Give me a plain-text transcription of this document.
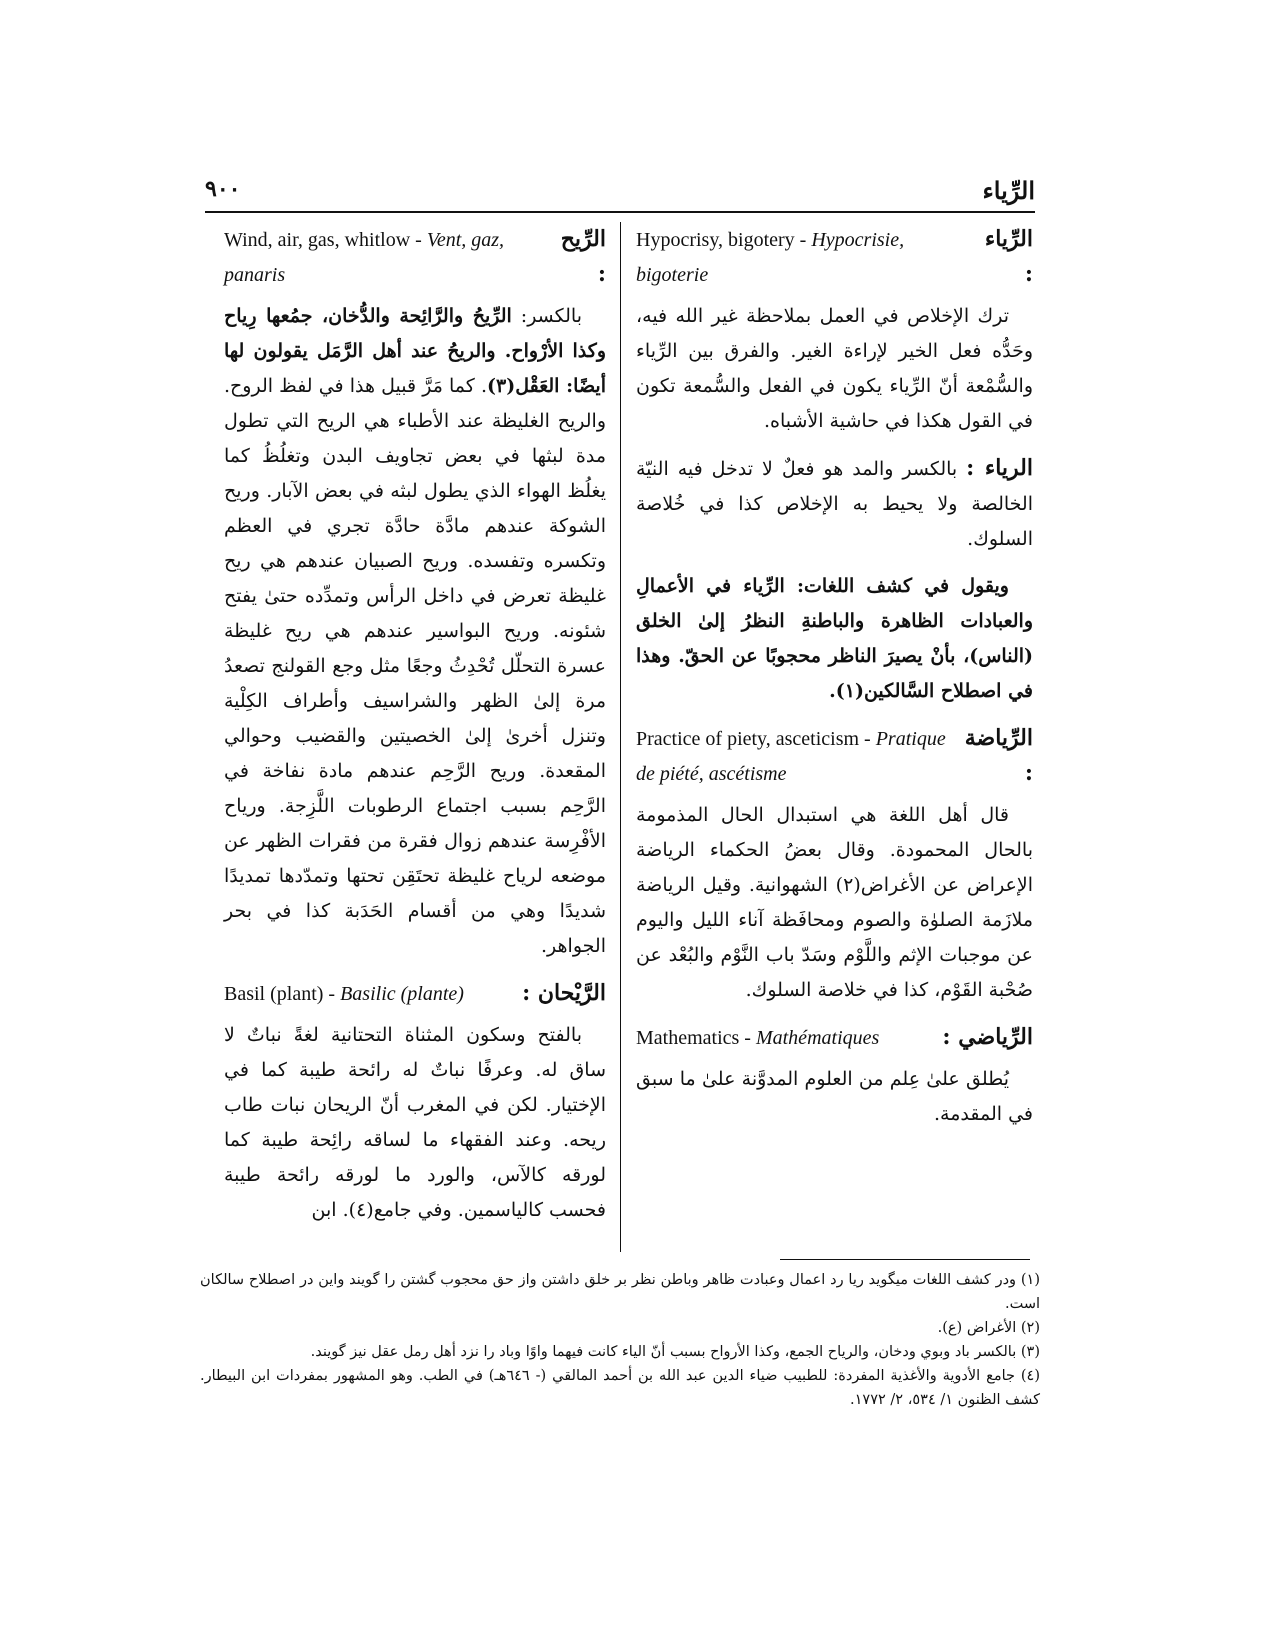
الرِّياء
٩٠٠
الرِّياء :
Hypocrisy, bigotery - Hypocrisie, bigoterie

ترك الإخلاص في العمل بملاحظة غير الله فيه، وحَدُّه فعل الخير لإراءة الغير. والفرق بين الرِّياء والسُّمْعة أنّ الرِّياء يكون في الفعل والسُّمعة تكون في القول هكذا في حاشية الأشباه.

الرياء : بالكسر والمد هو فعلٌ لا تدخل فيه النيّة الخالصة ولا يحيط به الإخلاص كذا في خُلاصة السلوك.

ويقول في كشف اللغات: الرِّياء في الأعمالِ والعبادات الظاهرة والباطنةِ النظرُ إلىٰ الخلق (الناس)، بأنْ يصيرَ الناظر محجوبًا عن الحقّ. وهذا في اصطلاح السَّالكين(١).

الرِّياضة :
Practice of piety, asceticism - Pratique de piété, ascétisme

قال أهل اللغة هي استبدال الحال المذمومة بالحال المحمودة. وقال بعضُ الحكماء الرياضة الإعراض عن الأغراض(٢) الشهوانية. وقيل الرياضة ملازَمة الصلوٰة والصوم ومحافَظة آناء الليل واليوم عن موجبات الإثم واللَّوْم وسَدّ باب النَّوْم والبُعْد عن صُحْبة القَوْم، كذا في خلاصة السلوك.

الرِّياضي :
Mathematics - Mathématiques

يُطلق علىٰ عِلم من العلوم المدوَّنة علىٰ ما سبق في المقدمة.

الرِّيح :
Wind, air, gas, whitlow - Vent, gaz, panaris

بالكسر: الرِّيحُ والرَّائِحة والدُّخان، جمُعها رِياح وكذا الأرْواح. والريحُ عند أهل الرَّمَل يقولون لها أيضًا: العَقْل(٣). كما مَرَّ قبيل هذا في لفظ الروح. والريح الغليظة عند الأطباء هي الريح التي تطول مدة لبثها في بعض تجاويف البدن وتغلُظُ كما يغلُظ الهواء الذي يطول لبثه في بعض الآبار. وريح الشوكة عندهم مادَّة حادَّة تجري في العظم وتكسره وتفسده. وريح الصبيان عندهم هي ريح غليظة تعرض في داخل الرأس وتمدِّده حتىٰ يفتح شئونه. وريح البواسير عندهم هي ريح غليظة عسرة التحلّل تُحْدِثُ وجعًا مثل وجع القولنج تصعدُ مرة إلىٰ الظهر والشراسيف وأطراف الكِلْية وتنزل أخرىٰ إلىٰ الخصيتين والقضيب وحوالي المقعدة. وريح الرَّحِم عندهم مادة نفاخة في الرَّحِم بسبب اجتماع الرطوبات اللَّزِجة. ورياح الأفْرِسة عندهم زوال فقرة من فقرات الظهر عن موضعه لرياح غليظة تحتَقِن تحتها وتمدّدها تمديدًا شديدًا وهي من أقسام الحَدَبة كذا في بحر الجواهر.

الرَّيْحان :
Basil (plant) - Basilic (plante)

بالفتح وسكون المثناة التحتانية لغةً نباتٌ لا ساق له. وعرفًا نباتٌ له رائحة طيبة كما في الإختيار. لكن في المغرب أنّ الريحان نبات طاب ريحه. وعند الفقهاء ما لساقه رائِحة طيبة كما لورقه كالآس، والورد ما لورقه رائحة طيبة فحسب كالياسمين. وفي جامع(٤). ابن

(١) ودر كشف اللغات ميگويد ريا رد اعمال وعبادت ظاهر وباطن نظر بر خلق داشتن واز حق محجوب گشتن را گويند واين در اصطلاح سالكان است.

(٢) الأغراض (ع).

(٣) بالكسر باد وبوي ودخان، والرياح الجمع، وكذا الأرواح بسبب أنّ الياء كانت فيهما واوًا وباد را نزد أهل رمل عقل نيز گويند.

(٤) جامع الأدوية والأغذية المفردة: للطبيب ضياء الدين عبد الله بن أحمد المالقي (- ٦٤٦هـ) في الطب. وهو المشهور بمفردات ابن البيطار. كشف الظنون ١/ ٥٣٤، ٢/ ١٧٧٢.
